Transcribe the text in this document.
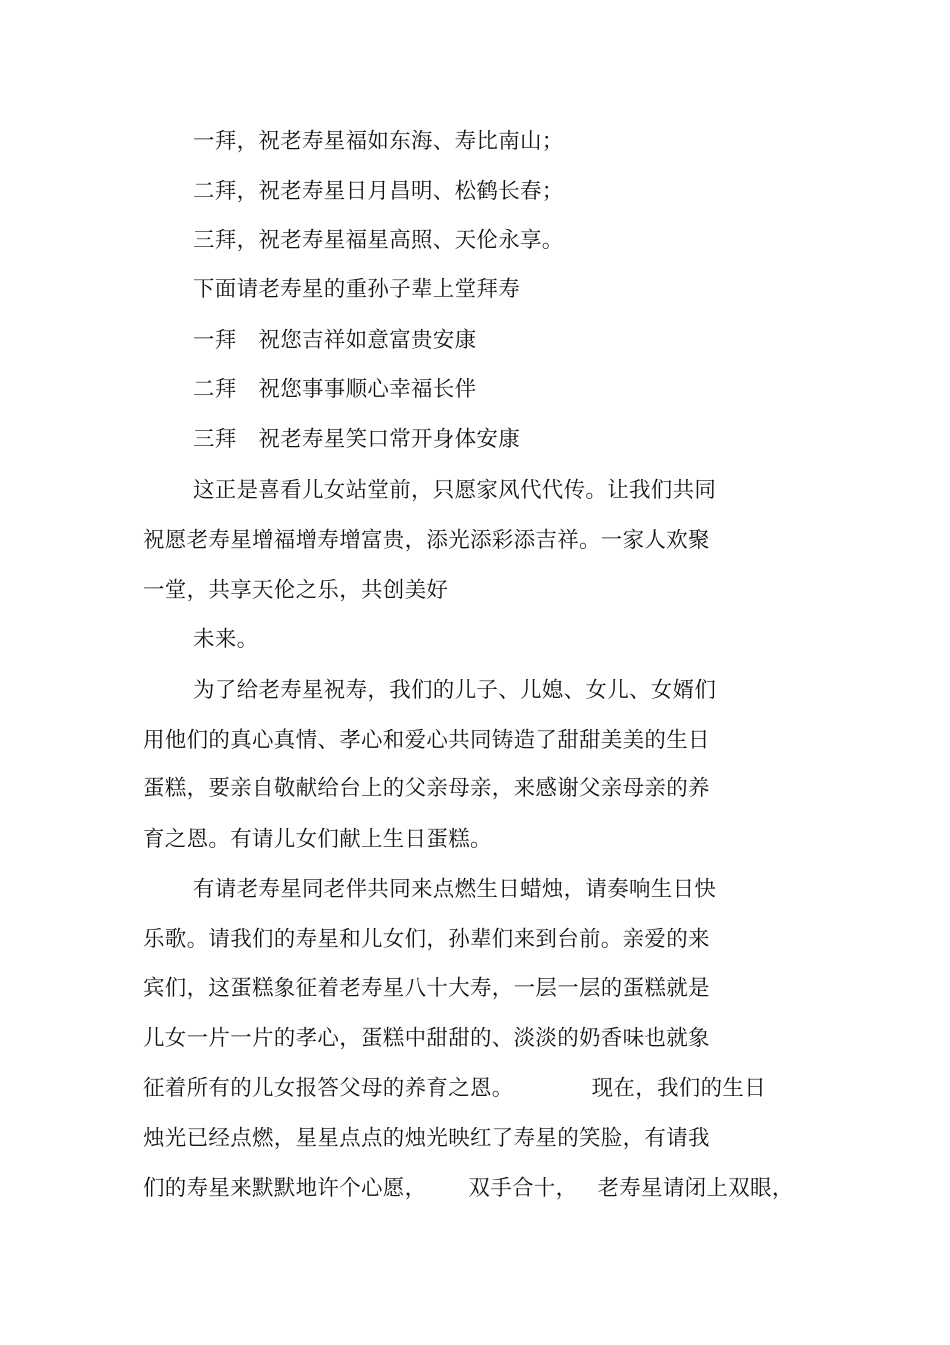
一拜，祝老寿星福如东海、寿比南山；
二拜，祝老寿星日月昌明、松鹤长春；
三拜，祝老寿星福星高照、天伦永享。
下面请老寿星的重孙子辈上堂拜寿
一拜　祝您吉祥如意富贵安康
二拜　祝您事事顺心幸福长伴
三拜　祝老寿星笑口常开身体安康
这正是喜看儿女站堂前，只愿家风代代传。让我们共同
祝愿老寿星增福增寿增富贵，添光添彩添吉祥。一家人欢聚
一堂，共享天伦之乐，共创美好
未来。
为了给老寿星祝寿，我们的儿子、儿媳、女儿、女婿们
用他们的真心真情、孝心和爱心共同铸造了甜甜美美的生日
蛋糕，要亲自敬献给台上的父亲母亲，来感谢父亲母亲的养
育之恩。有请儿女们献上生日蛋糕。
有请老寿星同老伴共同来点燃生日蜡烛，请奏响生日快
乐歌。请我们的寿星和儿女们，孙辈们来到台前。亲爱的来
宾们，这蛋糕象征着老寿星八十大寿，一层一层的蛋糕就是
儿女一片一片的孝心，蛋糕中甜甜的、淡淡的奶香味也就象
征着所有的儿女报答父母的养育之恩。	现在，我们的生日
烛光已经点燃，星星点点的烛光映红了寿星的笑脸，有请我
们的寿星来默默地许个心愿， 双手合十， 老寿星请闭上双眼，
